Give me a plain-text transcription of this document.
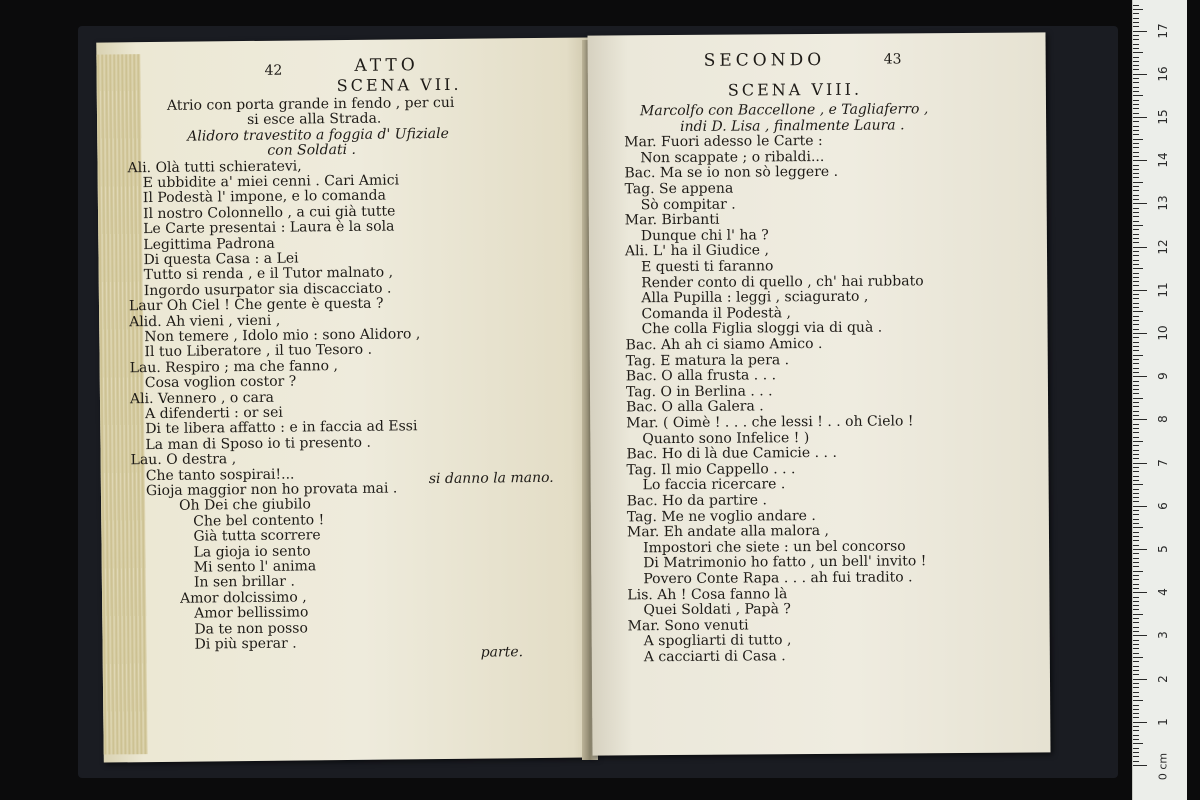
42	ATTO
SCENA VII.
Atrio con porta grande in fendo , per cui
si esce alla Strada.
Alidoro travestito a foggia d' Ufiziale
con Soldati .
Ali. Olà tutti schieratevi,
E ubbidite a' miei cenni . Cari Amici
Il Podestà l' impone, e lo comanda
Il nostro Colonnello , a cui già tutte
Le Carte presentai : Laura è la sola
Legittima Padrona
Di questa Casa : a Lei
Tutto si renda , e il Tutor malnato ,
Ingordo usurpator sia discacciato .
Laur Oh Ciel ! Che gente è questa ?
Alid. Ah vieni , vieni ,
Non temere , Idolo mio : sono Alidoro ,
Il tuo Liberatore , il tuo Tesoro .
Lau. Respiro ; ma che fanno ,
Cosa voglion costor ?
Ali. Vennero , o cara
A difenderti : or sei
Di te libera affatto : e in faccia ad Essi
La man di Sposo io ti presento .
Lau. O destra ,
Che tanto sospirai!...
Gioja maggior non ho provata mai .
Oh Dei che giubilo
Che bel contento !
Già tutta scorrere
La gioja io sento
Mi sento l' anima
In sen brillar .
Amor dolcissimo ,
Amor bellissimo
Da te non posso
Di più sperar .
si danno la mano.
parte.
SECONDO	43
SCENA VIII.
Marcolfo con Baccellone , e Tagliaferro ,
indi D. Lisa , finalmente Laura .
Mar. Fuori adesso le Carte :
Non scappate ; o ribaldi...
Bac. Ma se io non sò leggere .
Tag. Se appena
Sò compitar .
Mar. Birbanti
Dunque chi l' ha ?
Ali. L' ha il Giudice ,
E questi ti faranno
Render conto di quello , ch' hai rubbato
Alla Pupilla : leggi , sciagurato ,
Comanda il Podestà ,
Che colla Figlia sloggi via di quà .
Bac. Ah ah ci siamo Amico .
Tag. E matura la pera .
Bac. O alla frusta . . .
Tag. O in Berlina . . .
Bac. O alla Galera .
Mar. ( Oimè ! . . . che lessi ! . . oh Cielo !
Quanto sono Infelice ! )
Bac. Ho di là due Camicie . . .
Tag. Il mio Cappello . . .
Lo faccia ricercare .
Bac. Ho da partire .
Tag. Me ne voglio andare .
Mar. Eh andate alla malora ,
Impostori che siete : un bel concorso
Di Matrimonio ho fatto , un bell' invito !
Povero Conte Rapa . . . ah fui tradito .
Lis. Ah ! Cosa fanno là
Quei Soldati , Papà ?
Mar. Sono venuti
A spogliarti di tutto ,
A cacciarti di Casa .
1
2
3
4
5
6
7
8
9
10
11
12
13
14
15
16
17
0 cm
